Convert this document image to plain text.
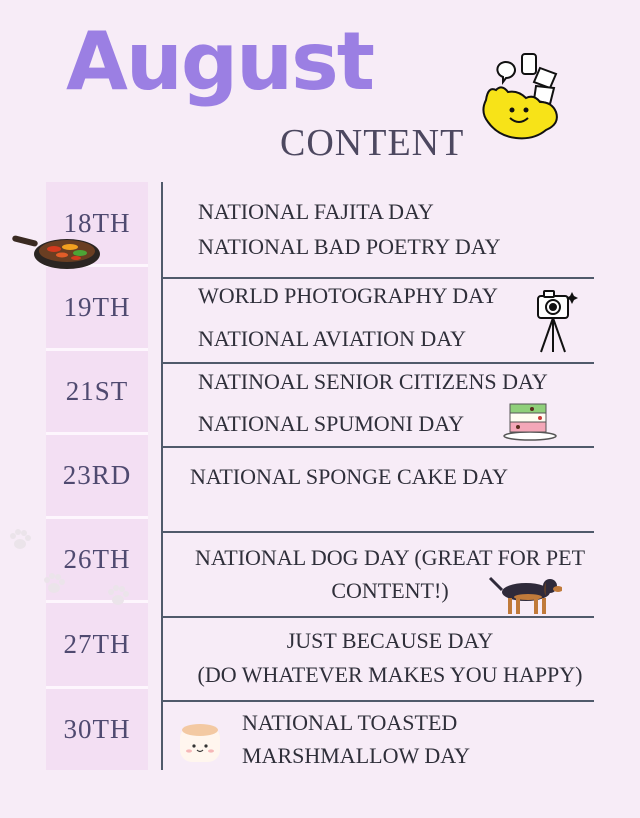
August
CONTENT
18TH
19TH
21ST
23RD
26TH
27TH
30TH
NATIONAL FAJITA DAY
NATIONAL BAD POETRY DAY
WORLD PHOTOGRAPHY DAY
NATIONAL AVIATION DAY
NATINOAL SENIOR CITIZENS DAY
NATIONAL SPUMONI DAY
NATIONAL SPONGE CAKE DAY
NATIONAL DOG DAY (GREAT FOR PET
CONTENT!)
JUST BECAUSE DAY
(DO WHATEVER MAKES YOU HAPPY)
NATIONAL TOASTED
MARSHMALLOW DAY
